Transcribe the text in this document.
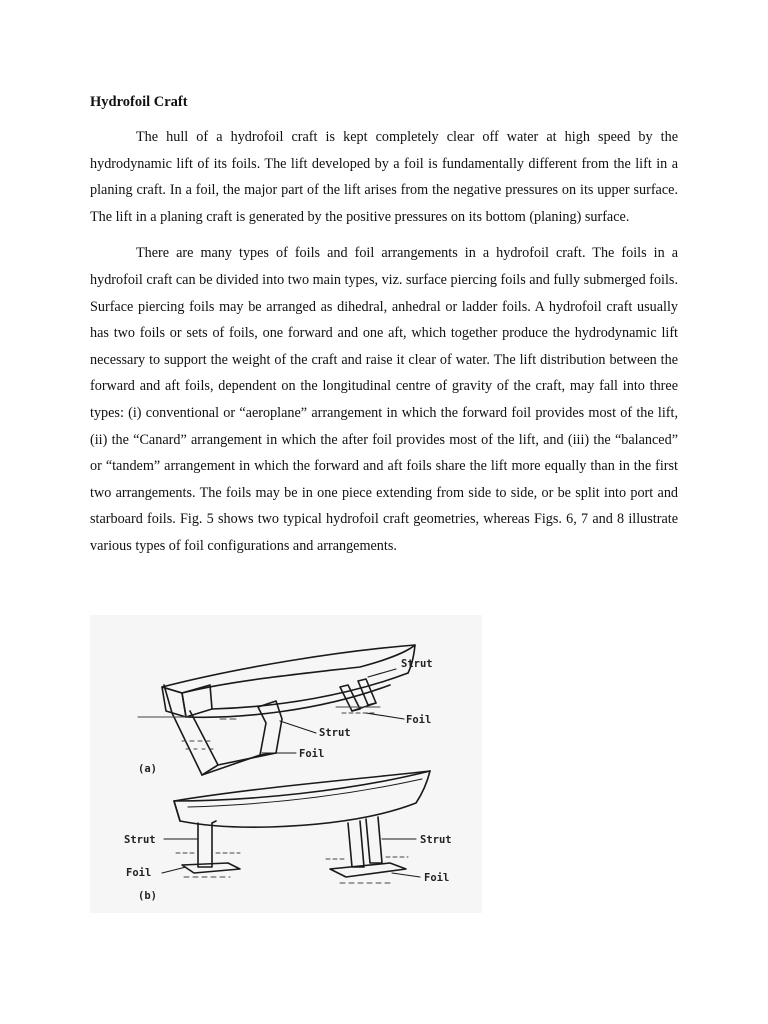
Hydrofoil Craft

The hull of a hydrofoil craft is kept completely clear off water at high speed by the hydrodynamic lift of its foils. The lift developed by a foil is fundamentally different from the lift in a planing craft. In a foil, the major part of the lift arises from the negative pressures on its upper surface. The lift in a planing craft is generated by the positive pressures on its bottom (planing) surface.

There are many types of foils and foil arrangements in a hydrofoil craft. The foils in a hydrofoil craft can be divided into two main types, viz. surface piercing foils and fully submerged foils. Surface piercing foils may be arranged as dihedral, anhedral or ladder foils. A hydrofoil craft usually has two foils or sets of foils, one forward and one aft, which together produce the hydrodynamic lift necessary to support the weight of the craft and raise it clear of water. The lift distribution between the forward and aft foils, dependent on the longitudinal centre of gravity of the craft, may fall into three types: (i) conventional or “aeroplane” arrangement in which the forward foil provides most of the lift, (ii) the “Canard” arrangement in which the after foil provides most of the lift, and (iii) the “balanced” or “tandem” arrangement in which the forward and aft foils share the lift more equally than in the first two arrangements. The foils may be in one piece extending from side to side, or be split into port and starboard foils. Fig. 5 shows two typical hydrofoil craft geometries, whereas Figs. 6, 7 and 8 illustrate various types of foil configurations and arrangements.

Strut
Foil
Strut
Foil
(a)
Strut	Strut
Foil	Foil
(b)
